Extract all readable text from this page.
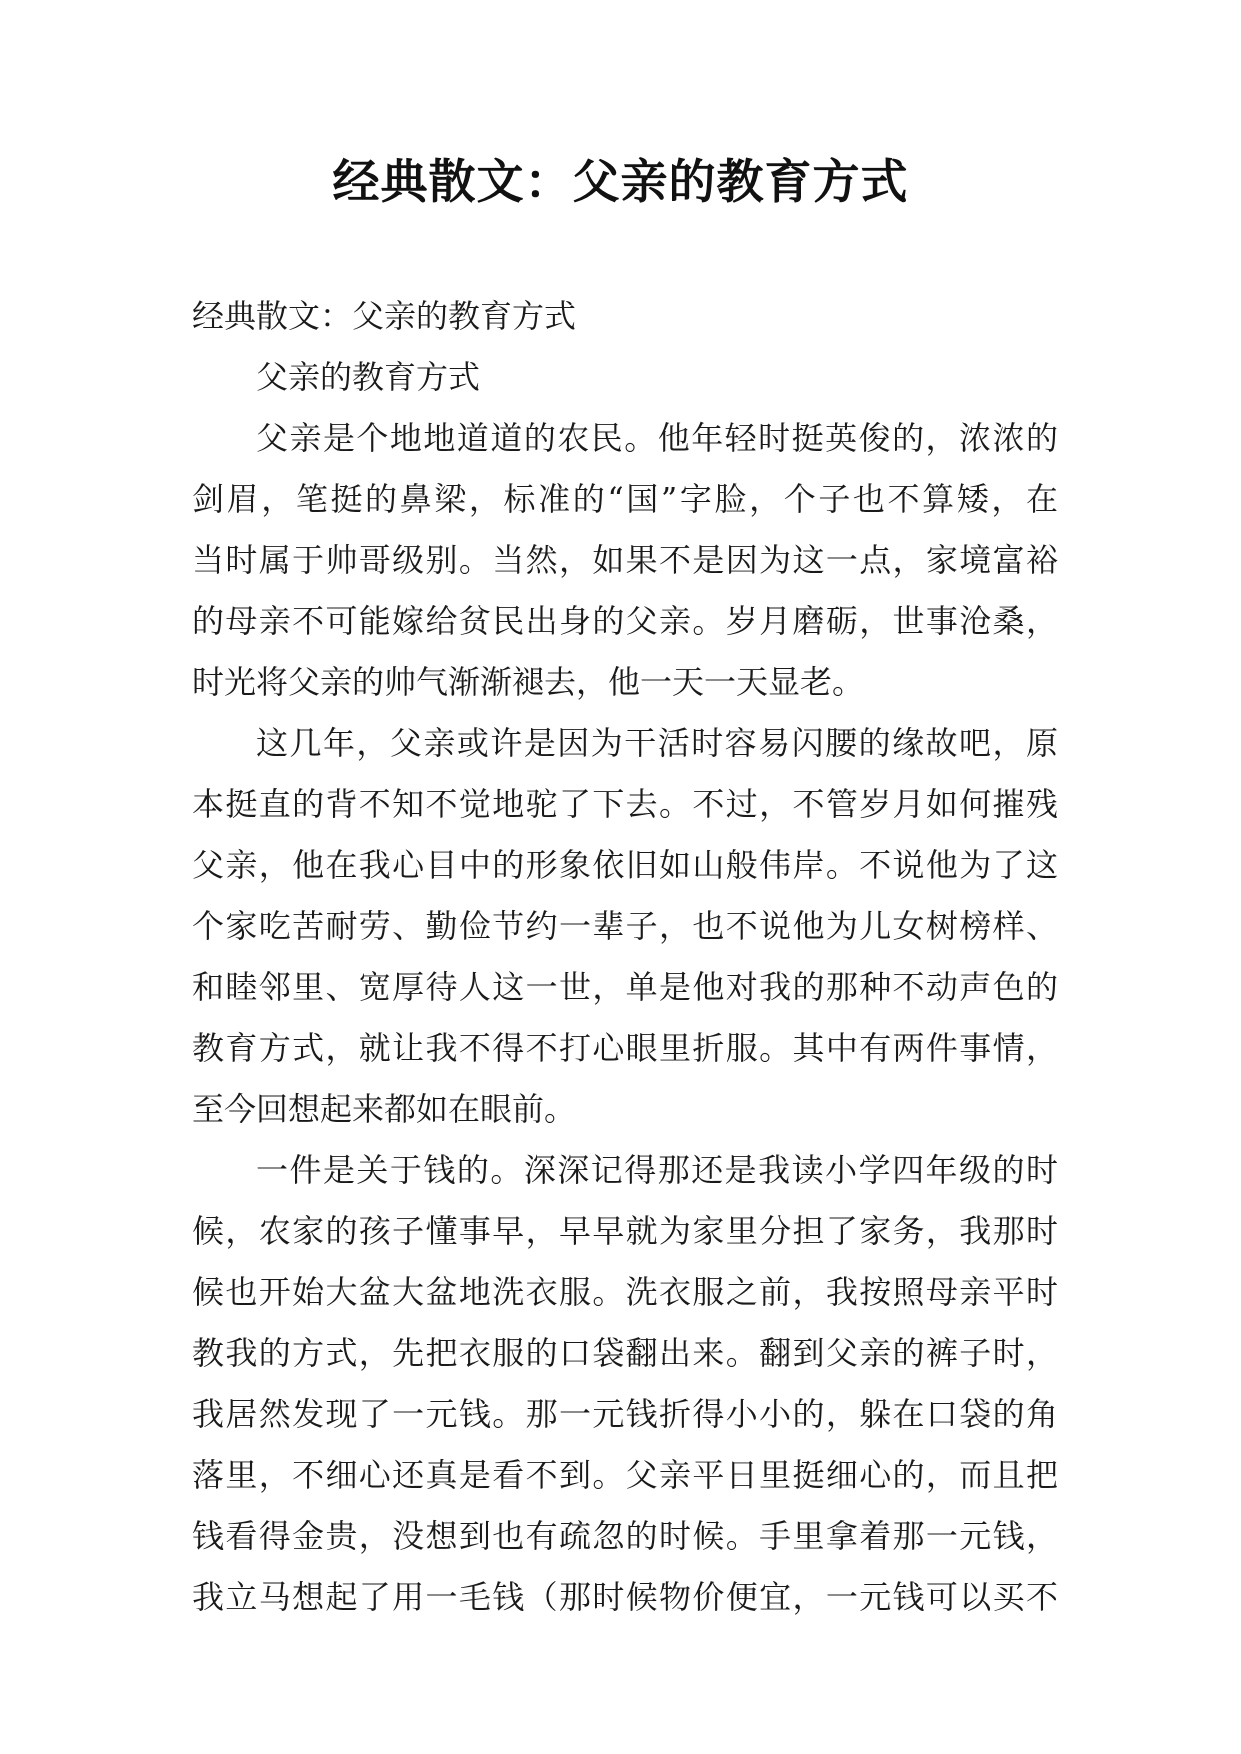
经典散文：父亲的教育方式
经典散文：父亲的教育方式
父亲的教育方式
父亲是个地地道道的农民。他年轻时挺英俊的，浓浓的
剑眉，笔挺的鼻梁，标准的“国”字脸，个子也不算矮，在
当时属于帅哥级别。当然，如果不是因为这一点，家境富裕
的母亲不可能嫁给贫民出身的父亲。岁月磨砺，世事沧桑，
时光将父亲的帅气渐渐褪去，他一天一天显老。
这几年，父亲或许是因为干活时容易闪腰的缘故吧，原
本挺直的背不知不觉地驼了下去。不过，不管岁月如何摧残
父亲，他在我心目中的形象依旧如山般伟岸。不说他为了这
个家吃苦耐劳、勤俭节约一辈子，也不说他为儿女树榜样、
和睦邻里、宽厚待人这一世，单是他对我的那种不动声色的
教育方式，就让我不得不打心眼里折服。其中有两件事情，
至今回想起来都如在眼前。
一件是关于钱的。深深记得那还是我读小学四年级的时
候，农家的孩子懂事早，早早就为家里分担了家务，我那时
候也开始大盆大盆地洗衣服。洗衣服之前，我按照母亲平时
教我的方式，先把衣服的口袋翻出来。翻到父亲的裤子时，
我居然发现了一元钱。那一元钱折得小小的，躲在口袋的角
落里，不细心还真是看不到。父亲平日里挺细心的，而且把
钱看得金贵，没想到也有疏忽的时候。手里拿着那一元钱，
我立马想起了用一毛钱（那时候物价便宜，一元钱可以买不
